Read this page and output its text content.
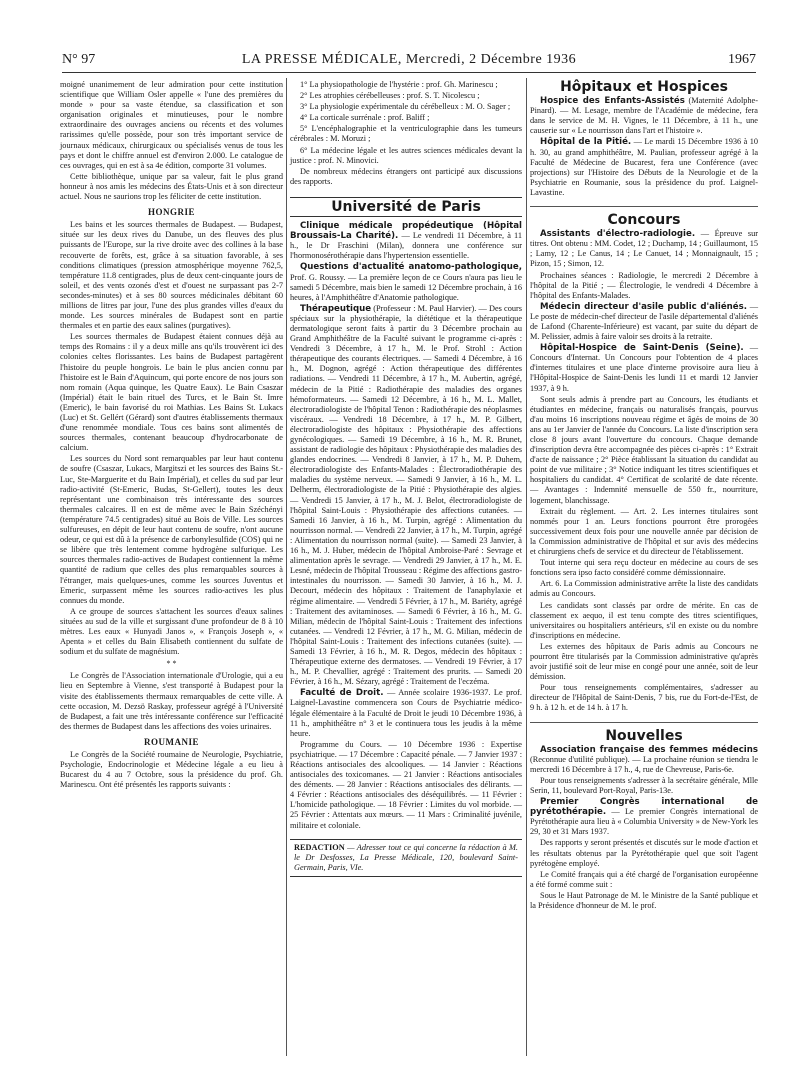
N° 97	LA PRESSE MÉDICALE, Mercredi, 2 Décembre 1936	1967

moigné unanimement de leur admiration pour cette institution scientifique que William Osler appelle « l'une des premières du monde » pour sa vaste étendue, sa classification et son organisation originales et minutieuses, pour le nombre extraordinaire des ouvrages anciens ou récents et des volumes rarissimes qu'elle possède, pour son très important service de journaux médicaux, chirurgicaux ou spécialisés venus de tous les pays et dont le chiffre annuel est d'environ 2.000. Le catalogue de ces ouvrages, qui en est à sa 4e édition, comporte 31 volumes.

Cette bibliothèque, unique par sa valeur, fait le plus grand honneur à nos amis les médecins des États-Unis et à son directeur actuel. Nous ne saurions trop les féliciter de cette institution.

HONGRIE

Les bains et les sources thermales de Budapest. — Budapest, située sur les deux rives du Danube, un des fleuves des plus puissants de l'Europe, sur la rive droite avec des collines à la base recouverte de forêts, est, grâce à sa situation favorable, à ses conditions climatiques (pression atmosphérique moyenne 762,5, température 11.8 centigrades, plus de deux cent-cinquante jours de soleil, et des vents ozonés d'est et d'ouest ne surpassant pas 2-7 secondes-minutes) et à ses 80 sources médicinales débitant 60 millions de litres par jour, l'une des plus grandes villes d'eaux du monde. Les sources minérales de Budapest sont en partie thermales et en partie des eaux salines (purgatives).

Les sources thermales de Budapest étaient connues déjà au temps des Romains : il y a deux mille ans qu'ils trouvèrent ici des colonies celtes florissantes. Les bains de Budapest partagèrent l'histoire du peuple hongrois. Le bain le plus ancien connu par l'histoire est le Bain d'Aquincum, qui porte encore de nos jours son nom romain (Aqua quinque, les Quatre Eaux). Le Bain Csaszar (Impérial) était le bain rituel des Turcs, et le Bain St. Imre (Emeric), le bain favorisé du roi Mathias. Les Bains St. Lukacs (Luc) et St. Gellért (Gérard) sont d'autres établissements thermaux d'une renommée mondiale. Tous ces bains sont alimentés de sources thermales, contenant beaucoup d'hydrocarbonate de calcium.

Les sources du Nord sont remarquables par leur haut contenu de soufre (Csaszar, Lukacs, Margitszi et les sources des Bains St.-Luc, Ste-Marguerite et du Bain Impérial), et celles du sud par leur radio-activité (St-Emeric, Budas, St-Gellert), toutes les deux représentant une combinaison très intéressante des sources thermales calcaires. Il en est de même avec le Bain Széchényi (température 74.5 centigrades) situé au Bois de Ville. Les sources sulfureuses, en dépit de leur haut contenu de soufre, n'ont aucune odeur, ce qui est dû à la présence de carbonylesulfide (COS) qui ne se libère que très lentement comme hydrogène sulfurique. Les sources thermales radio-actives de Budapest contiennent la même quantité de radium que celles des plus remarquables sources à l'étranger, mais quelques-unes, comme les sources Juventus et Emeric, surpassent même les sources radio-actives les plus connues du monde.

A ce groupe de sources s'attachent les sources d'eaux salines situées au sud de la ville et surgissant d'une profondeur de 8 à 10 mètres. Les eaux « Hunyadi Janos », « François Joseph », « Apenta » et celles du Bain Elisabeth contiennent du sulfate de sodium et du sulfate de magnésium.

* *

Le Congrès de l'Association internationale d'Urologie, qui a eu lieu en Septembre à Vienne, s'est transporté à Budapest pour la visite des établissements thermaux remarquables de cette ville. A cette occasion, M. Dezsö Raskay, professeur agrégé à l'Université de Budapest, a fait une très intéressante conférence sur l'efficacité des thermes de Budapest dans les affections des voies urinaires.

ROUMANIE

Le Congrès de la Société roumaine de Neurologie, Psychiatrie, Psychologie, Endocrinologie et Médecine légale a eu lieu à Bucarest du 4 au 7 Octobre, sous la présidence du prof. Gh. Marinescu. Ont été présentés les rapports suivants :

1° La physiopathologie de l'hystérie : prof. Gh. Marinescu ;

2° Les atrophies cérébelleuses : prof. S. T. Nicolescu ;

3° La physiologie expérimentale du cérébelleux : M. O. Sager ;

4° La corticale surrénale : prof. Baliff ;

5° L'encéphalographie et la ventriculographie dans les tumeurs cérébrales : M. Moruzi ;

6° La médecine légale et les autres sciences médicales devant la justice : prof. N. Minovici.

De nombreux médecins étrangers ont participé aux discussions des rapports.

Université de Paris

Clinique médicale propédeutique (Hôpital Broussais-La Charité). — Le vendredi 11 Décembre, à 11 h., le Dr Fraschini (Milan), donnera une conférence sur l'hormonosérothérapie dans l'hypertension essentielle.

Questions d'actualité anatomo-pathologique, Prof. G. Roussy. — La première leçon de ce Cours n'aura pas lieu le samedi 5 Décembre, mais bien le samedi 12 Décembre prochain, à 16 heures, à l'Amphithéâtre d'Anatomie pathologique.

Thérapeutique (Professeur : M. Paul Harvier). — Des cours spéciaux sur la physiothérapie, la diététique et la thérapeutique dermatologique seront faits à partir du 3 Décembre prochain au Grand Amphithéâtre de la Faculté suivant le programme ci-après : Vendredi 3 Décembre, à 17 h., M. le Prof. Strohl : Action thérapeutique des courants électriques. — Samedi 4 Décembre, à 16 h., M. Dognon, agrégé : Action thérapeutique des différentes radiations. — Vendredi 11 Décembre, à 17 h., M. Aubertin, agrégé, médecin de la Pitié : Radiothérapie des maladies des organes hémoformateurs. — Samedi 12 Décembre, à 16 h., M. L. Mallet, électroradiologiste de l'hôpital Tenon : Radiothérapie des néoplasmes viscéraux. — Vendredi 18 Décembre, à 17 h., M. P. Gilbert, électroradiologiste des hôpitaux : Physiothérapie des affections gynécologiques. — Samedi 19 Décembre, à 16 h., M. R. Brunet, assistant de radiologie des hôpitaux : Physiothérapie des maladies des glandes endocrines. — Vendredi 8 Janvier, à 17 h., M. P. Duhem, électroradiologiste des Enfants-Malades : Électroradiothérapie des maladies du système nerveux. — Samedi 9 Janvier, à 16 h., M. L. Delherm, électroradiologiste de la Pitié : Physiothérapie des algies. — Vendredi 15 Janvier, à 17 h., M. J. Belot, électroradiologiste de l'hôpital Saint-Louis : Physiothérapie des affections cutanées. — Samedi 16 Janvier, à 16 h., M. Turpin, agrégé : Alimentation du nourrisson normal. — Vendredi 22 Janvier, à 17 h., M. Turpin, agrégé : Alimentation du nourrisson normal (suite). — Samedi 23 Janvier, à 16 h., M. J. Huber, médecin de l'hôpital Ambroise-Paré : Sevrage et alimentation après le sevrage. — Vendredi 29 Janvier, à 17 h., M. E. Lesné, médecin de l'hôpital Trousseau : Régime des affections gastro-intestinales du nourrisson. — Samedi 30 Janvier, à 16 h., M. J. Decourt, médecin des hôpitaux : Traitement de l'anaphylaxie et régime alimentaire. — Vendredi 5 Février, à 17 h., M. Bariéty, agrégé : Traitement des avitaminoses. — Samedi 6 Février, à 16 h., M. G. Milian, médecin de l'hôpital Saint-Louis : Traitement des infections cutanées. — Vendredi 12 Février, à 17 h., M. G. Milian, médecin de l'hôpital Saint-Louis : Traitement des infections cutanées (suite). — Samedi 13 Février, à 16 h., M. R. Degos, médecin des hôpitaux : Thérapeutique externe des dermatoses. — Vendredi 19 Février, à 17 h., M. P. Chevallier, agrégé : Traitement des prurits. — Samedi 20 Février, à 16 h., M. Sézary, agrégé : Traitement de l'eczéma.

Faculté de Droit. — Année scolaire 1936-1937. Le prof. Laignel-Lavastine commencera son Cours de Psychiatrie médico-légale élémentaire à la Faculté de Droit le jeudi 10 Décembre 1936, à 11 h., amphithéâtre n° 3 et le continuera tous les jeudis à la même heure.

Programme du Cours. — 10 Décembre 1936 : Expertise psychiatrique. — 17 Décembre : Capacité pénale. — 7 Janvier 1937 : Réactions antisociales des alcooliques. — 14 Janvier : Réactions antisociales des toxicomanes. — 21 Janvier : Réactions antisociales des déments. — 28 Janvier : Réactions antisociales des délirants. — 4 Février : Réactions antisociales des déséquilibrés. — 11 Février : L'homicide pathologique. — 18 Février : Limites du vol morbide. — 25 Février : Attentats aux mœurs. — 11 Mars : Criminalité juvénile, militaire et coloniale.

REDACTION — Adresser tout ce qui concerne la rédaction à M. le Dr Desfosses, La Presse Médicale, 120, boulevard Saint-Germain, Paris, VIe.
Hôpitaux et Hospices

Hospice des Enfants-Assistés (Maternité Adolphe-Pinard). — M. Lesage, membre de l'Académie de médecine, fera dans le service de M. H. Vignes, le 11 Décembre, à 11 h., une causerie sur « Le nourrisson dans l'art et l'histoire ».

Hôpital de la Pitié. — Le mardi 15 Décembre 1936 à 10 h. 30, au grand amphithéâtre, M. Paulian, professeur agrégé à la Faculté de Médecine de Bucarest, fera une Conférence (avec projections) sur l'Histoire des Débuts de la Neurologie et de la Psychiatrie en Roumanie, sous la présidence du prof. Laignel-Lavastine.

Concours

Assistants d'électro-radiologie. — Épreuve sur titres. Ont obtenu : MM. Codet, 12 ; Duchamp, 14 ; Guillaumont, 15 ; Lamy, 12 ; Le Canus, 14 ; Le Canuet, 14 ; Monnaignault, 15 ; Pizon, 15 ; Simon, 12.

Prochaines séances : Radiologie, le mercredi 2 Décembre à l'hôpital de la Pitié ; — Électrologie, le vendredi 4 Décembre à l'hôpital des Enfants-Malades.

Médecin directeur d'asile public d'aliénés. — Le poste de médecin-chef directeur de l'asile départemental d'aliénés de Lafond (Charente-Inférieure) est vacant, par suite du départ de M. Pelissier, admis à faire valoir ses droits à la retraite.

Hôpital-Hospice de Saint-Denis (Seine). — Concours d'Internat. Un Concours pour l'obtention de 4 places d'internes titulaires et une place d'interne provisoire aura lieu à l'Hôpital-Hospice de Saint-Denis les lundi 11 et mardi 12 Janvier 1937, à 9 h.

Sont seuls admis à prendre part au Concours, les étudiants et étudiantes en médecine, français ou naturalisés français, pourvus d'au moins 16 inscriptions nouveau régime et âgés de moins de 30 ans au 1er Janvier de l'année du Concours. La liste d'inscription sera close 8 jours avant l'ouverture du concours. Chaque demande d'inscription devra être accompagnée des pièces ci-après : 1° Extrait d'acte de naissance ; 2° Pièce établissant la situation du candidat au point de vue militaire ; 3° Notice indiquant les titres scientifiques et hospitaliers du candidat. 4° Certificat de scolarité de date récente. — Avantages : Indemnité mensuelle de 550 fr., nourriture, logement, blanchissage.

Extrait du règlement. — Art. 2. Les internes titulaires sont nommés pour 1 an. Leurs fonctions pourront être prorogées successivement deux fois pour une nouvelle année par décision de la Commission administrative de l'hôpital et sur avis des médecins et chirurgiens chefs de service et du directeur de l'établissement.

Tout interne qui sera reçu docteur en médecine au cours de ses fonctions sera ipso facto considéré comme démissionnaire.

Art. 6. La Commission administrative arrête la liste des candidats admis au Concours.

Les candidats sont classés par ordre de mérite. En cas de classement ex aequo, il est tenu compte des titres scientifiques, universitaires ou hospitaliers antérieurs, s'il en existe ou du nombre d'inscriptions en médecine.

Les externes des hôpitaux de Paris admis au Concours ne pourront être titularisés par la Commission administrative qu'après avoir justifié soit de leur mise en congé pour une année, soit de leur démission.

Pour tous renseignements complémentaires, s'adresser au directeur de l'Hôpital de Saint-Denis, 7 bis, rue du Fort-de-l'Est, de 9 h. à 12 h. et de 14 h. à 17 h.

Nouvelles

Association française des femmes médecins (Reconnue d'utilité publique). — La prochaine réunion se tiendra le mercredi 16 Décembre à 17 h., 4, rue de Chevreuse, Paris-6e.

Pour tous renseignements s'adresser à la secrétaire générale, Mlle Serin, 11, boulevard Port-Royal, Paris-13e.

Premier Congrès international de pyrétothérapie. — Le premier Congrès international de Pyrétothérapie aura lieu à « Columbia University » de New-York les 29, 30 et 31 Mars 1937.

Des rapports y seront présentés et discutés sur le mode d'action et les résultats obtenus par la Pyrétothérapie quel que soit l'agent pyrétogène employé.

Le Comité français qui a été chargé de l'organisation européenne a été formé comme suit :

Sous le Haut Patronage de M. le Ministre de la Santé publique et la Présidence d'honneur de M. le prof.
